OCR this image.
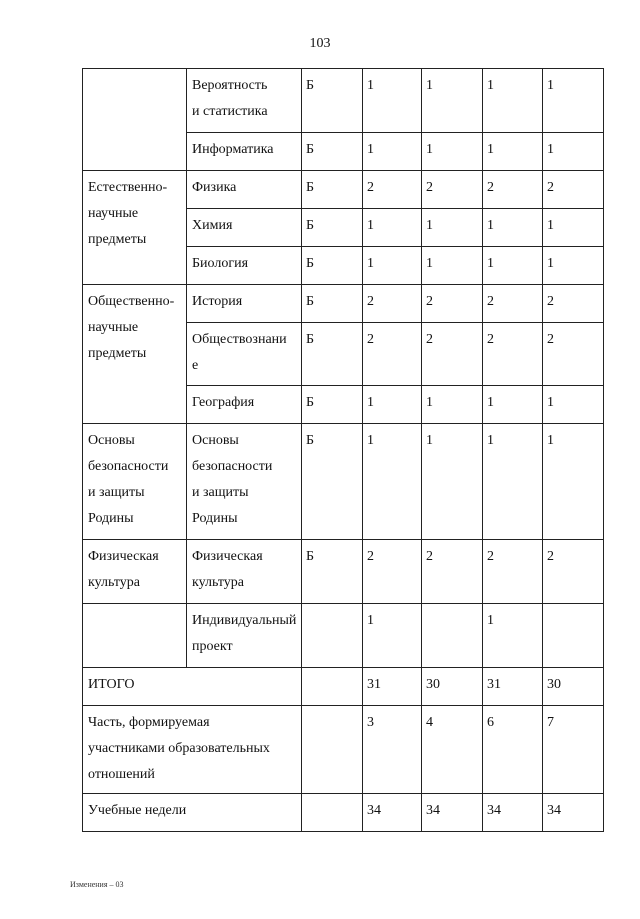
103

	Вероятность
и статистика	Б	1	1	1	1

	Информатика	Б	1	1	1	1

Естественно-
научные
предметы	Физика	Б	2	2	2	2

	Химия	Б	1	1	1	1

	Биология	Б	1	1	1	1

Общественно-
научные
предметы	История	Б	2	2	2	2

	Обществознани
е	Б	2	2	2	2

	География	Б	1	1	1	1

Основы
безопасности
и защиты
Родины	Основы
безопасности
и защиты
Родины	Б	1	1	1	1

Физическая
культура	Физическая
культура	Б	2	2	2	2

	Индивидуальный
проект		1		1	

ИТОГО			31	30	31	30

Часть, формируемая
участниками образовательных
отношений			3	4	6	7

Учебные недели			34	34	34	34
Изменения – 03
